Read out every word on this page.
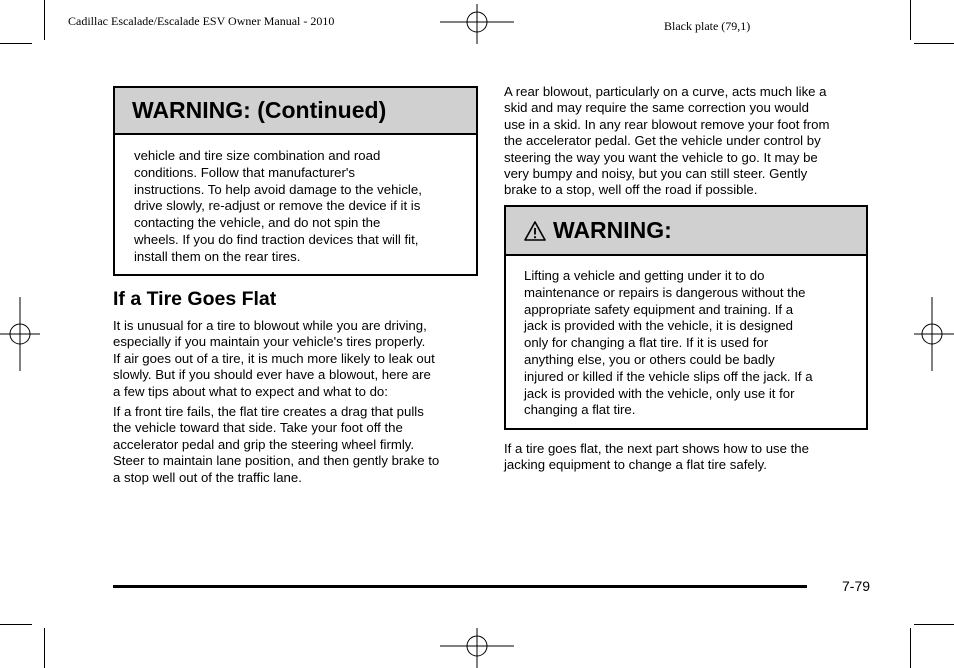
Cadillac Escalade/Escalade ESV Owner Manual - 2010	Black plate (79,1)
WARNING: (Continued)
vehicle and tire size combination and road
conditions. Follow that manufacturer's
instructions. To help avoid damage to the vehicle,
drive slowly, re-adjust or remove the device if it is
contacting the vehicle, and do not spin the
wheels. If you do find traction devices that will fit,
install them on the rear tires.
If a Tire Goes Flat
It is unusual for a tire to blowout while you are driving,
especially if you maintain your vehicle's tires properly.
If air goes out of a tire, it is much more likely to leak out
slowly. But if you should ever have a blowout, here are
a few tips about what to expect and what to do:
If a front tire fails, the flat tire creates a drag that pulls
the vehicle toward that side. Take your foot off the
accelerator pedal and grip the steering wheel firmly.
Steer to maintain lane position, and then gently brake to
a stop well out of the traffic lane.
A rear blowout, particularly on a curve, acts much like a
skid and may require the same correction you would
use in a skid. In any rear blowout remove your foot from
the accelerator pedal. Get the vehicle under control by
steering the way you want the vehicle to go. It may be
very bumpy and noisy, but you can still steer. Gently
brake to a stop, well off the road if possible.
WARNING:
Lifting a vehicle and getting under it to do
maintenance or repairs is dangerous without the
appropriate safety equipment and training. If a
jack is provided with the vehicle, it is designed
only for changing a flat tire. If it is used for
anything else, you or others could be badly
injured or killed if the vehicle slips off the jack. If a
jack is provided with the vehicle, only use it for
changing a flat tire.
If a tire goes flat, the next part shows how to use the
jacking equipment to change a flat tire safely.
7-79
